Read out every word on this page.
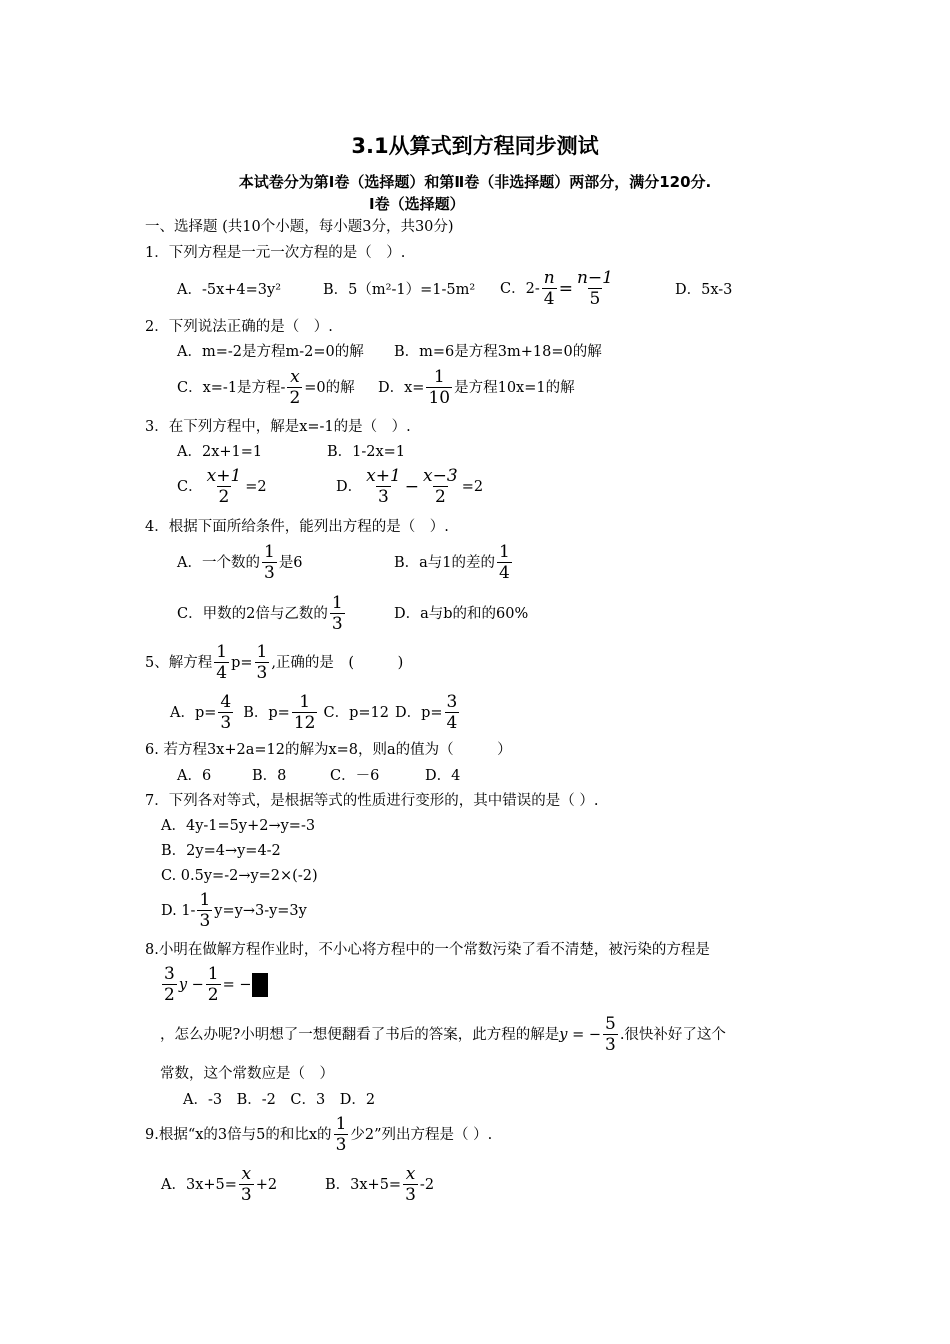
3.1从算式到方程同步测试
本试卷分为第Ⅰ卷（选择题）和第Ⅱ卷（非选择题）两部分，满分120分.
Ⅰ卷（选择题）
一、选择题 (共10个小题，每小题3分，共30分)
1．下列方程是一元一次方程的是（　）.
A．-5x+4=3y²	B．5（m²-1）=1-5m² C．$2- \frac{n}{4} = \frac{n-1}{5}$	D．5x-3
2．下列说法正确的是（　）.
A．m=-2是方程m-2=0的解 B．m=6是方程3m+18=0的解
C．x=-1是方程- $\frac{x}{2} =0$的解 D．$x= \frac{1}{10}$ 是方程10x=1的解
3．在下列方程中，解是x=-1的是（　）.
A．2x+1=1	B．1-2x=1
C． $\frac{x+1}{2} =2$	D． $\frac{x+1}{3} - \frac{x-3}{2} =2$
4．根据下面所给条件，能列出方程的是（　）.
A．一个数的 $\frac{1}{3}$ 是6	B．a与1的差的 $\frac{1}{4}$
C．甲数的2倍与乙数的 $\frac{1}{3}$	D．a与b的和的60%
5、解方程 $\frac{1}{4} p= \frac{1}{3}$ ,正确的是　(　　　)
A．$p= \frac{4}{3}$ B．$p= \frac{1}{12}$ C．p=12 D．$p= \frac{3}{4}$
6. 若方程3x+2a=12的解为x=8，则a的值为（　　　）
A．6	B．8	C．－6	D．4
7．下列各对等式，是根据等式的性质进行变形的，其中错误的是（ ）.
A．4y-1=5y+2→y=-3
B．2y=4→y=4-2
C. 0.5y=-2→y=2×(-2)
D. $1- \frac{1}{3} y=y\to 3-y=3y$
8.小明在做解方程作业时，不小心将方程中的一个常数污染了看不清楚，被污染的方程是
$\frac{3}{2}$ $y - \frac{1}{2}$ = −
，怎么办呢?小明想了一想便翻看了书后的答案，此方程的解是 y = − $\frac{5}{3}$ .很快补好了这个
常数，这个常数应是（　）
A．-3　B．-2　C．3　D．2
9.根据“x的3倍与5的和比x的 $\frac{1}{3}$ 少2”列出方程是（ ）.
A．$3x+5= \frac{x}{3} +2$	B．$3x+5= \frac{x}{3} -2$
